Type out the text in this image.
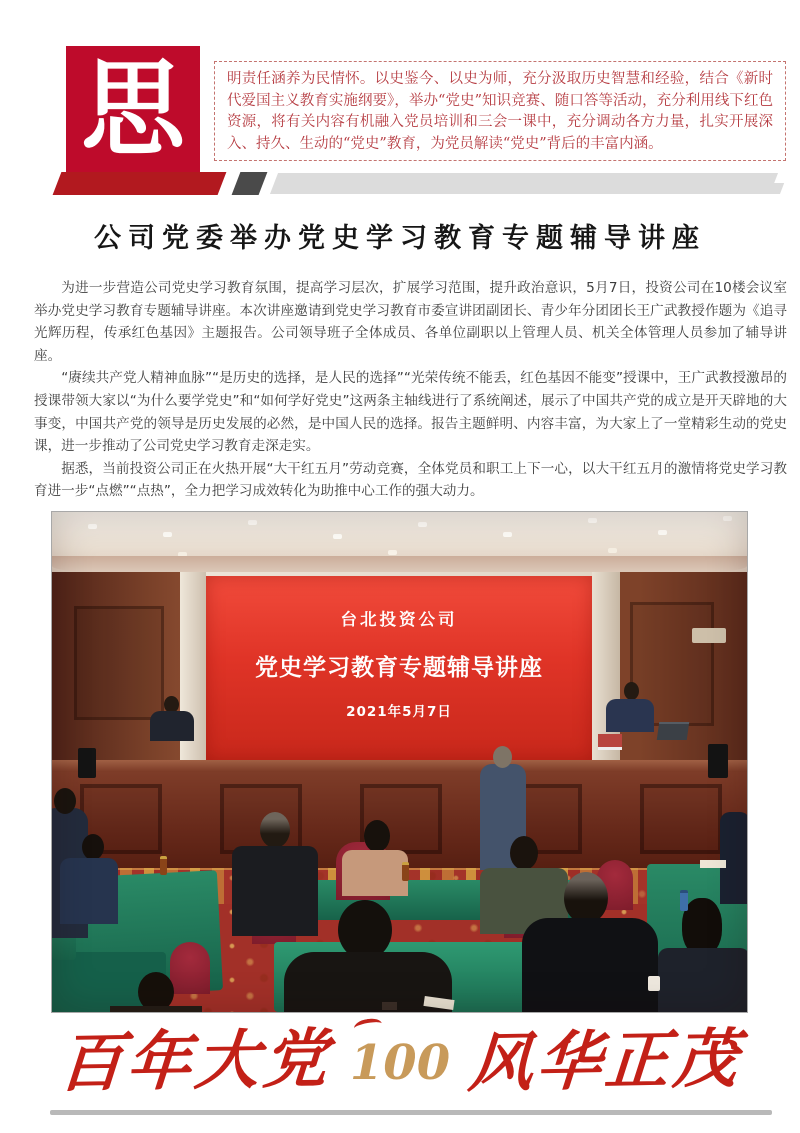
思	明责任涵养为民情怀。以史鉴今、以史为师，充分汲取历史智慧和经验，结合《新时代爱国主义教育实施纲要》，举办“党史”知识竞赛、随口答等活动，充分利用线下红色资源，将有关内容有机融入党员培训和三会一课中，充分调动各方力量，扎实开展深入、持久、生动的“党史”教育，为党员解读“党史”背后的丰富内涵。

公司党委举办党史学习教育专题辅导讲座

为进一步营造公司党史学习教育氛围，提高学习层次，扩展学习范围，提升政治意识，5月7日，投资公司在10楼会议室举办党史学习教育专题辅导讲座。本次讲座邀请到党史学习教育市委宣讲团副团长、青少年分团团长王广武教授作题为《追寻光辉历程，传承红色基因》主题报告。公司领导班子全体成员、各单位副职以上管理人员、机关全体管理人员参加了辅导讲座。

“赓续共产党人精神血脉”“是历史的选择，是人民的选择”“光荣传统不能丢，红色基因不能变”授课中，王广武教授激昂的授课带领大家以“为什么要学党史”和“如何学好党史”这两条主轴线进行了系统阐述，展示了中国共产党的成立是开天辟地的大事变，中国共产党的领导是历史发展的必然，是中国人民的选择。报告主题鲜明、内容丰富，为大家上了一堂精彩生动的党史课，进一步推动了公司党史学习教育走深走实。

据悉，当前投资公司正在火热开展“大干红五月”劳动竞赛，全体党员和职工上下一心，以大干红五月的激情将党史学习教育进一步“点燃”“点热”，全力把学习成效转化为助推中心工作的强大动力。

台北投资公司
党史学习教育专题辅导讲座
2021年5月7日
百年大党 100 风华正茂
